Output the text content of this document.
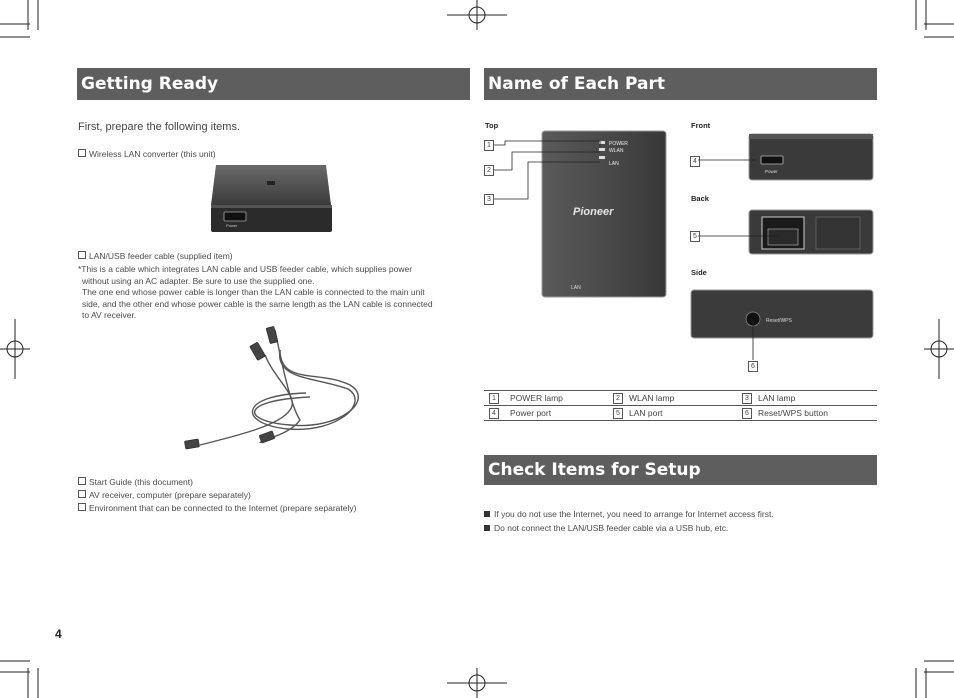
Getting Ready
First, prepare the following items.
Wireless LAN converter (this unit)
Power
LAN/USB feeder cable (supplied item)
*This is a cable which integrates LAN cable and USB feeder cable, which supplies power
without using an AC adapter. Be sure to use the supplied one.
The one end whose power cable is longer than the LAN cable is connected to the main unit
side, and the other end whose power cable is the same length as the LAN cable is connected
to AV receiver.
Start Guide (this document)
AV receiver, computer (prepare separately)
Environment that can be connected to the Internet (prepare separately)
4
Name of Each Part
Top	Front
Back
Side
POWER
WLAN
LAN
Pioneer
LAN
1
2
3
Power
4
5
Reset/WPS
6
1	POWER lamp	2	WLAN lamp	3	LAN lamp
4	Power port	5	LAN port	6	Reset/WPS button
Check Items for Setup
If you do not use the Internet, you need to arrange for Internet access first.
Do not connect the LAN/USB feeder cable via a USB hub, etc.
